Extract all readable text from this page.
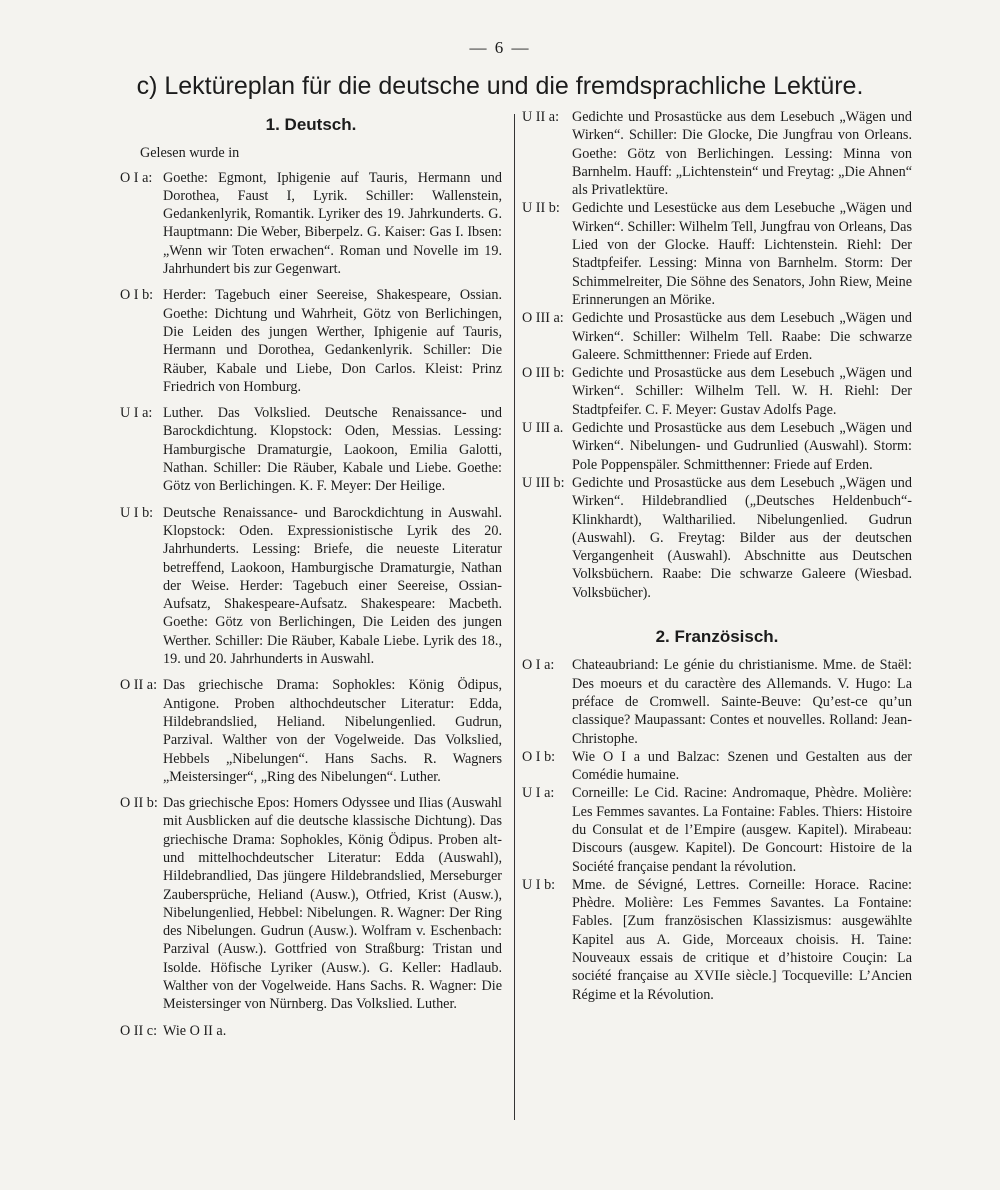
— 6 —
c) Lektüreplan für die deutsche und die fremdsprachliche Lektüre.
1. Deutsch.
Gelesen wurde in
O I a: Goethe: Egmont, Iphigenie auf Tauris, Hermann und Dorothea, Faust I, Lyrik. Schiller: Wallenstein, Gedankenlyrik, Romantik. Lyriker des 19. Jahrkunderts. G. Hauptmann: Die Weber, Biberpelz. G. Kaiser: Gas I. Ibsen: „Wenn wir Toten erwachen“. Roman und Novelle im 19. Jahrhundert bis zur Gegenwart.
O I b: Herder: Tagebuch einer Seereise, Shakespeare, Ossian. Goethe: Dichtung und Wahrheit, Götz von Berlichingen, Die Leiden des jungen Werther, Iphigenie auf Tauris, Hermann und Dorothea, Gedankenlyrik. Schiller: Die Räuber, Kabale und Liebe, Don Carlos. Kleist: Prinz Friedrich von Homburg.
U I a: Luther. Das Volkslied. Deutsche Renaissance- und Barockdichtung. Klopstock: Oden, Messias. Lessing: Hamburgische Dramaturgie, Laokoon, Emilia Galotti, Nathan. Schiller: Die Räuber, Kabale und Liebe. Goethe: Götz von Berlichingen. K. F. Meyer: Der Heilige.
U I b: Deutsche Renaissance- und Barockdichtung in Auswahl. Klopstock: Oden. Expressionistische Lyrik des 20. Jahrhunderts. Lessing: Briefe, die neueste Literatur betreffend, Laokoon, Hamburgische Dramaturgie, Nathan der Weise. Herder: Tagebuch einer Seereise, Ossian-Aufsatz, Shakespeare-Aufsatz. Shakespeare: Macbeth. Goethe: Götz von Berlichingen, Die Leiden des jungen Werther. Schiller: Die Räuber, Kabale Liebe. Lyrik des 18., 19. und 20. Jahrhunderts in Auswahl.
O II a: Das griechische Drama: Sophokles: König Ödipus, Antigone. Proben althochdeutscher Literatur: Edda, Hildebrandslied, Heliand. Nibelungenlied. Gudrun, Parzival. Walther von der Vogelweide. Das Volkslied, Hebbels „Nibelungen“. Hans Sachs. R. Wagners „Meistersinger“, „Ring des Nibelungen“. Luther.
O II b: Das griechische Epos: Homers Odyssee und Ilias (Auswahl mit Ausblicken auf die deutsche klassische Dichtung). Das griechische Drama: Sophokles, König Ödipus. Proben alt- und mittelhochdeutscher Literatur: Edda (Auswahl), Hildebrandlied, Das jüngere Hildebrandslied, Merseburger Zaubersprüche, Heliand (Ausw.), Otfried, Krist (Ausw.), Nibelungenlied, Hebbel: Nibelungen. R. Wagner: Der Ring des Nibelungen. Gudrun (Ausw.). Wolfram v. Eschenbach: Parzival (Ausw.). Gottfried von Straßburg: Tristan und Isolde. Höfische Lyriker (Ausw.). G. Keller: Hadlaub. Walther von der Vogelweide. Hans Sachs. R. Wagner: Die Meistersinger von Nürnberg. Das Volkslied. Luther.
O II c: Wie O II a.
U II a: Gedichte und Prosastücke aus dem Lesebuch „Wägen und Wirken“. Schiller: Die Glocke, Die Jungfrau von Orleans. Goethe: Götz von Berlichingen. Lessing: Minna von Barnhelm. Hauff: „Lichtenstein“ und Freytag: „Die Ahnen“ als Privatlektüre.
U II b: Gedichte und Lesestücke aus dem Lesebuche „Wägen und Wirken“. Schiller: Wilhelm Tell, Jungfrau von Orleans, Das Lied von der Glocke. Hauff: Lichtenstein. Riehl: Der Stadtpfeifer. Lessing: Minna von Barnhelm. Storm: Der Schimmelreiter, Die Söhne des Senators, John Riew, Meine Erinnerungen an Mörike.
O III a: Gedichte und Prosastücke aus dem Lesebuch „Wägen und Wirken“. Schiller: Wilhelm Tell. Raabe: Die schwarze Galeere. Schmitthenner: Friede auf Erden.
O III b: Gedichte und Prosastücke aus dem Lesebuch „Wägen und Wirken“. Schiller: Wilhelm Tell. W. H. Riehl: Der Stadtpfeifer. C. F. Meyer: Gustav Adolfs Page.
U III a. Gedichte und Prosastücke aus dem Lesebuch „Wägen und Wirken“. Nibelungen- und Gudrunlied (Auswahl). Storm: Pole Poppenspäler. Schmitthenner: Friede auf Erden.
U III b: Gedichte und Prosastücke aus dem Lesebuch „Wägen und Wirken“. Hildebrandlied („Deutsches Heldenbuch“-Klinkhardt), Waltharilied. Nibelungenlied. Gudrun (Auswahl). G. Freytag: Bilder aus der deutschen Vergangenheit (Auswahl). Abschnitte aus Deutschen Volksbüchern. Raabe: Die schwarze Galeere (Wiesbad. Volksbücher).
2. Französisch.
O I a:	Chateaubriand: Le génie du christianisme. Mme. de Staël: Des moeurs et du caractère des Allemands. V. Hugo: La préface de Cromwell. Sainte-Beuve: Qu’est-ce qu’un classique? Maupassant: Contes et nouvelles. Rolland: Jean-Christophe.
O I b:	Wie O I a und Balzac: Szenen und Gestalten aus der Comédie humaine.
U I a:	Corneille: Le Cid. Racine: Andromaque, Phèdre. Molière: Les Femmes savantes. La Fontaine: Fables. Thiers: Histoire du Consulat et de l’Empire (ausgew. Kapitel). Mirabeau: Discours (ausgew. Kapitel). De Goncourt: Histoire de la Société française pendant la révolution.
U I b:	Mme. de Sévigné, Lettres. Corneille: Horace. Racine: Phèdre. Molière: Les Femmes Savantes. La Fontaine: Fables. [Zum französischen Klassizismus: ausgewählte Kapitel aus A. Gide, Morceaux choisis. H. Taine: Nouveaux essais de critique et d’histoire Couçin: La société française au XVIIe siècle.] Tocqueville: L’Ancien Régime et la Révolution.
